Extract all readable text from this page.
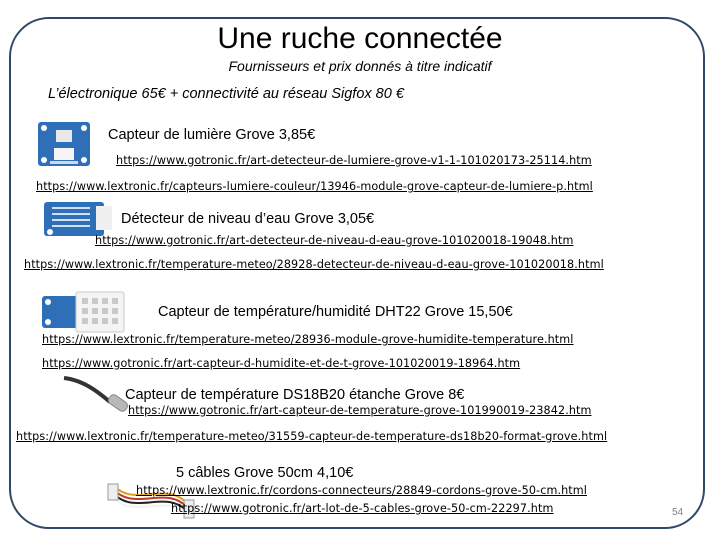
Une ruche connectée
Fournisseurs et prix donnés à titre indicatif
L’électronique 65€ + connectivité au réseau Sigfox 80 €
Capteur de lumière Grove 3,85€
https://www.gotronic.fr/art-detecteur-de-lumiere-grove-v1-1-101020173-25114.htm
https://www.lextronic.fr/capteurs-lumiere-couleur/13946-module-grove-capteur-de-lumiere-p.html
Détecteur de niveau d’eau Grove 3,05€
https://www.gotronic.fr/art-detecteur-de-niveau-d-eau-grove-101020018-19048.htm
https://www.lextronic.fr/temperature-meteo/28928-detecteur-de-niveau-d-eau-grove-101020018.html
Capteur de température/humidité DHT22 Grove 15,50€
https://www.lextronic.fr/temperature-meteo/28936-module-grove-humidite-temperature.html
https://www.gotronic.fr/art-capteur-d-humidite-et-de-t-grove-101020019-18964.htm
Capteur de température DS18B20 étanche Grove 8€
https://www.gotronic.fr/art-capteur-de-temperature-grove-101990019-23842.htm
https://www.lextronic.fr/temperature-meteo/31559-capteur-de-temperature-ds18b20-format-grove.html
5 câbles Grove 50cm 4,10€
https://www.lextronic.fr/cordons-connecteurs/28849-cordons-grove-50-cm.html
https://www.gotronic.fr/art-lot-de-5-cables-grove-50-cm-22297.htm	54
